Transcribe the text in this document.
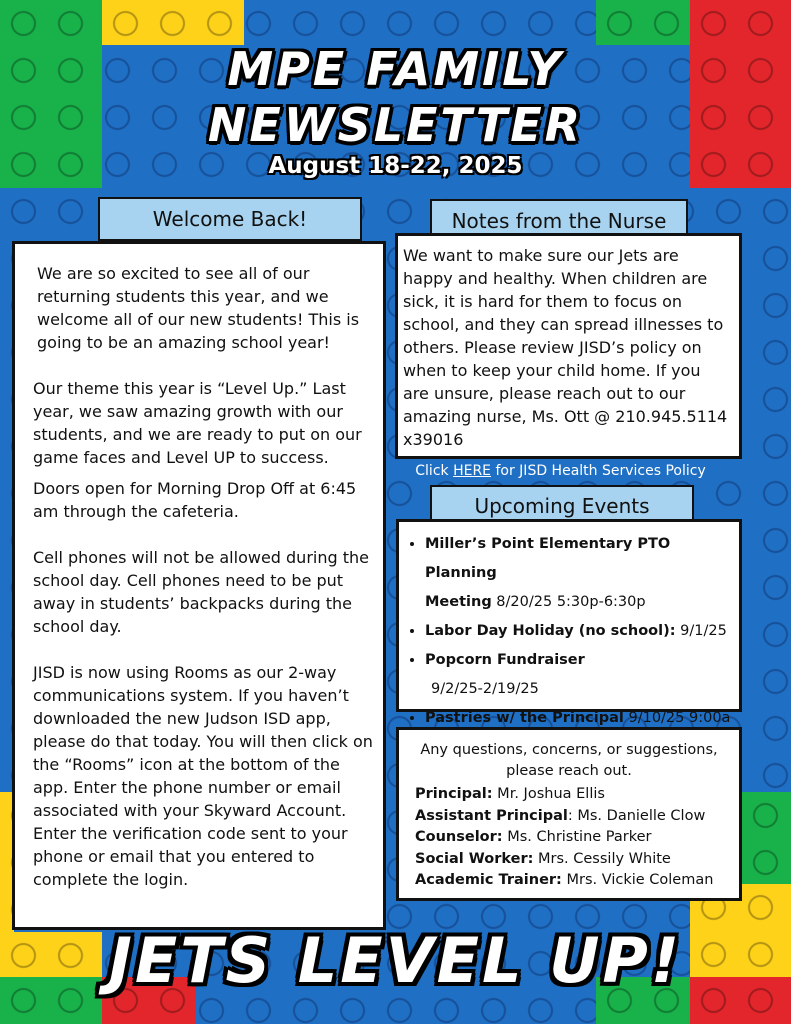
MPE FAMILY
NEWSLETTER
August 18-22, 2025
Welcome Back!

We are so excited to see all of our returning students this year, and we welcome all of our new students! This is going to be an amazing school year!

Our theme this year is “Level Up.” Last year, we saw amazing growth with our students, and we are ready to put on our game faces and Level UP to success.

Doors open for Morning Drop Off at 6:45 am through the cafeteria.

Cell phones will not be allowed during the school day. Cell phones need to be put away in students’ backpacks during the school day.

JISD is now using Rooms as our 2-way communications system. If you haven’t downloaded the new Judson ISD app, please do that today. You will then click on the “Rooms” icon at the bottom of the app. Enter the phone number or email associated with your Skyward Account. Enter the verification code sent to your phone or email that you entered to complete the login.

Notes from the Nurse

We want to make sure our Jets are happy and healthy. When children are sick, it is hard for them to focus on school, and they can spread illnesses to others. Please review JISD’s policy on when to keep your child home. If you are unsure, please reach out to our amazing nurse, Ms. Ott @ 210.945.5114 x39016

Click HERE for JISD Health Services Policy
Upcoming Events
• Miller’s Point Elementary PTO Planning
Meeting 8/20/25 5:30p-6:30p
• Labor Day Holiday (no school): 9/1/25
• Popcorn Fundraiser
9/2/25-2/19/25
• Pastries w/ the Principal 9/10/25 9:00a
Any questions, concerns, or suggestions, please reach out.
Principal: Mr. Joshua Ellis
Assistant Principal: Ms. Danielle Clow
Counselor: Ms. Christine Parker
Social Worker: Mrs. Cessily White
Academic Trainer: Mrs. Vickie Coleman
JETS LEVEL UP!
